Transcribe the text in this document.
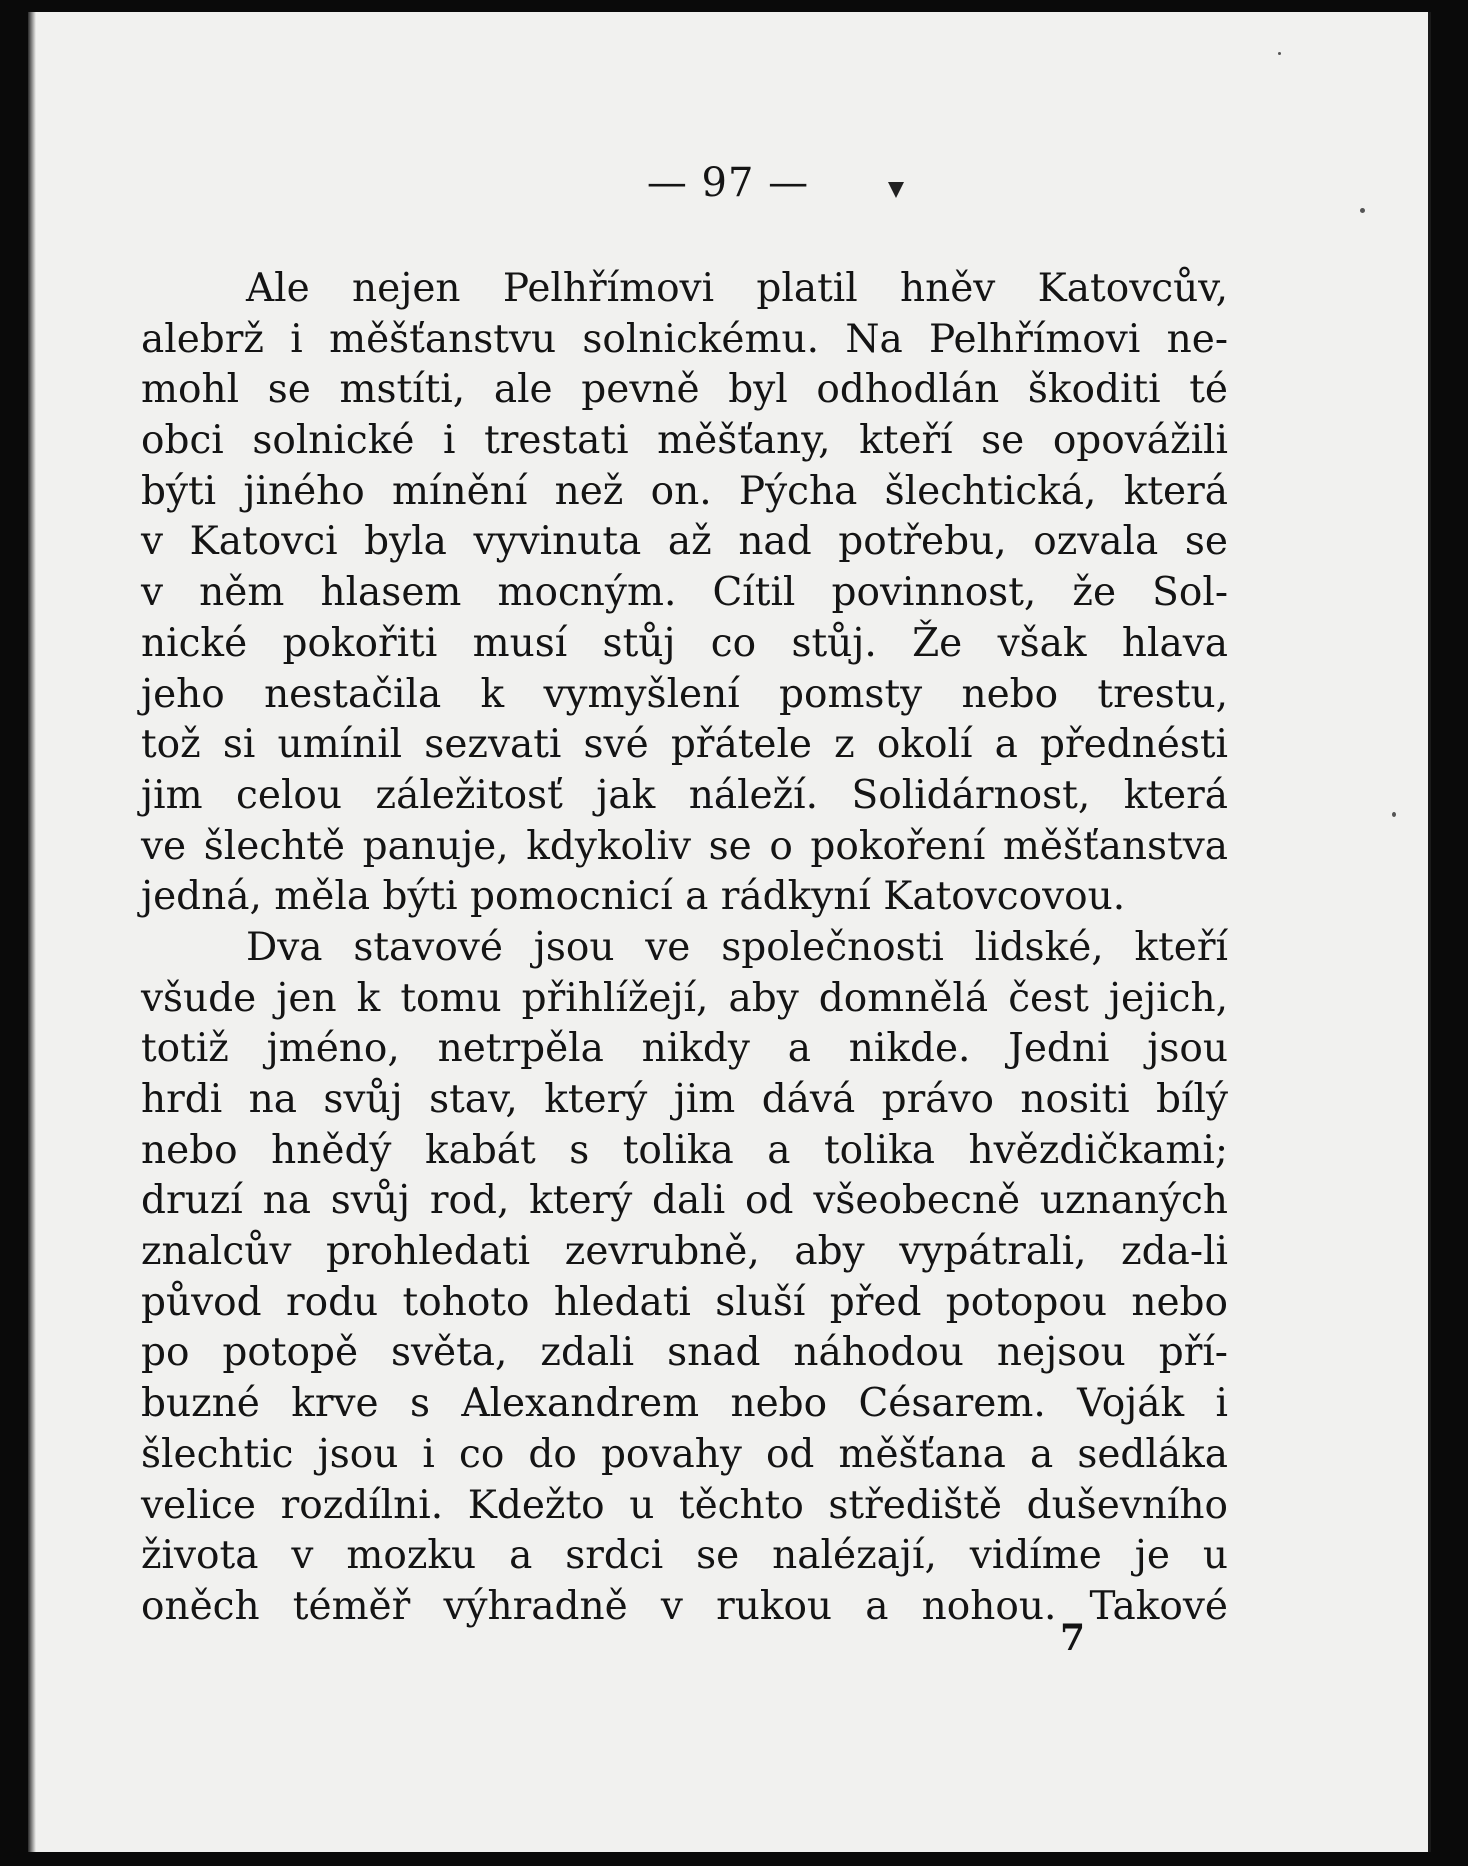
— 97 —
Ale nejen Pelhřímovi platil hněv Katovcův,
alebrž i měšťanstvu solnickému. Na Pelhřímovi ne-
mohl se mstíti, ale pevně byl odhodlán škoditi té
obci solnické i trestati měšťany, kteří se opovážili
býti jiného mínění než on. Pýcha šlechtická, která
v Katovci byla vyvinuta až nad potřebu, ozvala se
v něm hlasem mocným. Cítil povinnost, že Sol-
nické pokořiti musí stůj co stůj. Že však hlava
jeho nestačila k vymyšlení pomsty nebo trestu,
tož si umínil sezvati své přátele z okolí a přednésti
jim celou záležitosť jak náleží. Solidárnost, která
ve šlechtě panuje, kdykoliv se o pokoření měšťanstva
jedná, měla býti pomocnicí a rádkyní Katovcovou.
Dva stavové jsou ve společnosti lidské, kteří
všude jen k tomu přihlížejí, aby domnělá čest jejich,
totiž jméno, netrpěla nikdy a nikde. Jedni jsou
hrdi na svůj stav, který jim dává právo nositi bílý
nebo hnědý kabát s tolika a tolika hvězdičkami;
druzí na svůj rod, který dali od všeobecně uznaných
znalcův prohledati zevrubně, aby vypátrali, zda-li
původ rodu tohoto hledati sluší před potopou nebo
po potopě světa, zdali snad náhodou nejsou pří-
buzné krve s Alexandrem nebo Césarem. Voják i
šlechtic jsou i co do povahy od měšťana a sedláka
velice rozdílni. Kdežto u těchto střediště duševního
života v mozku a srdci se nalézají, vidíme je u
oněch téměř výhradně v rukou a nohou. Takové
7
